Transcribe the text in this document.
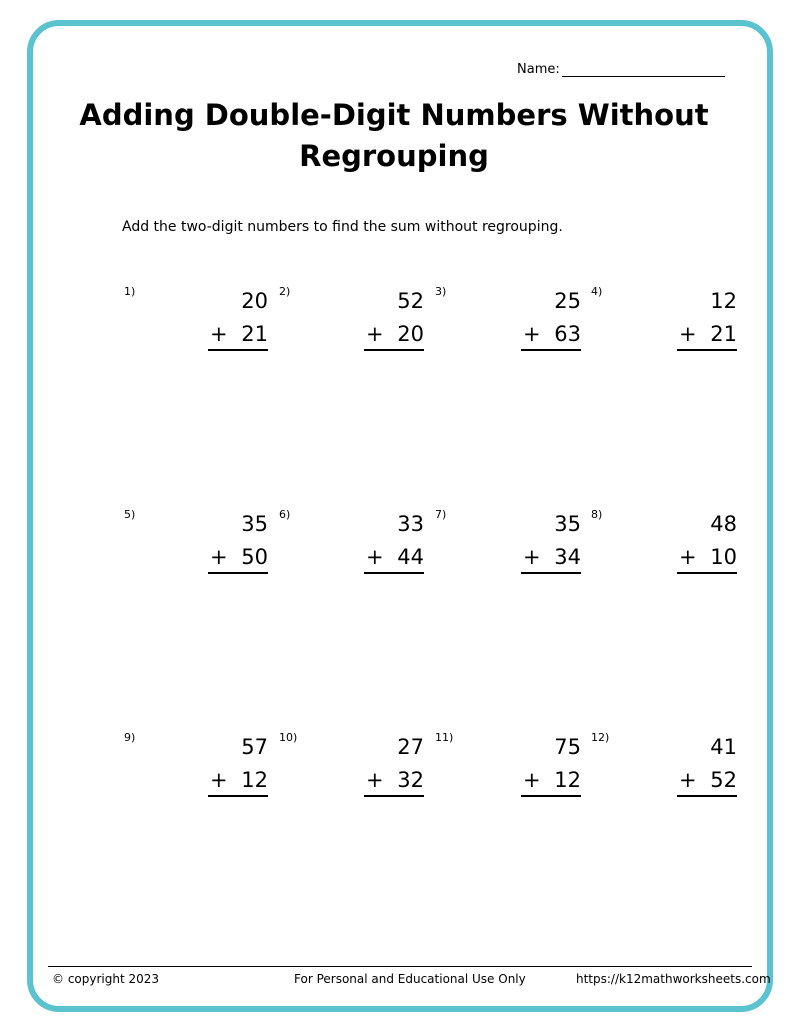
Name:
Adding Double-Digit Numbers Without
Regrouping
Add the two-digit numbers to find the sum without regrouping.
1)	20
+ 21
2)	52
+ 20
3)	25
+ 63
4)	12
+ 21
5)	35
+ 50
6)	33
+ 44
7)	35
+ 34
8)	48
+ 10
9)	57
+ 12
10)	27
+ 32
11)	75
+ 12
12)	41
+ 52
© copyright 2023	For Personal and Educational Use Only	https://k12mathworksheets.com
